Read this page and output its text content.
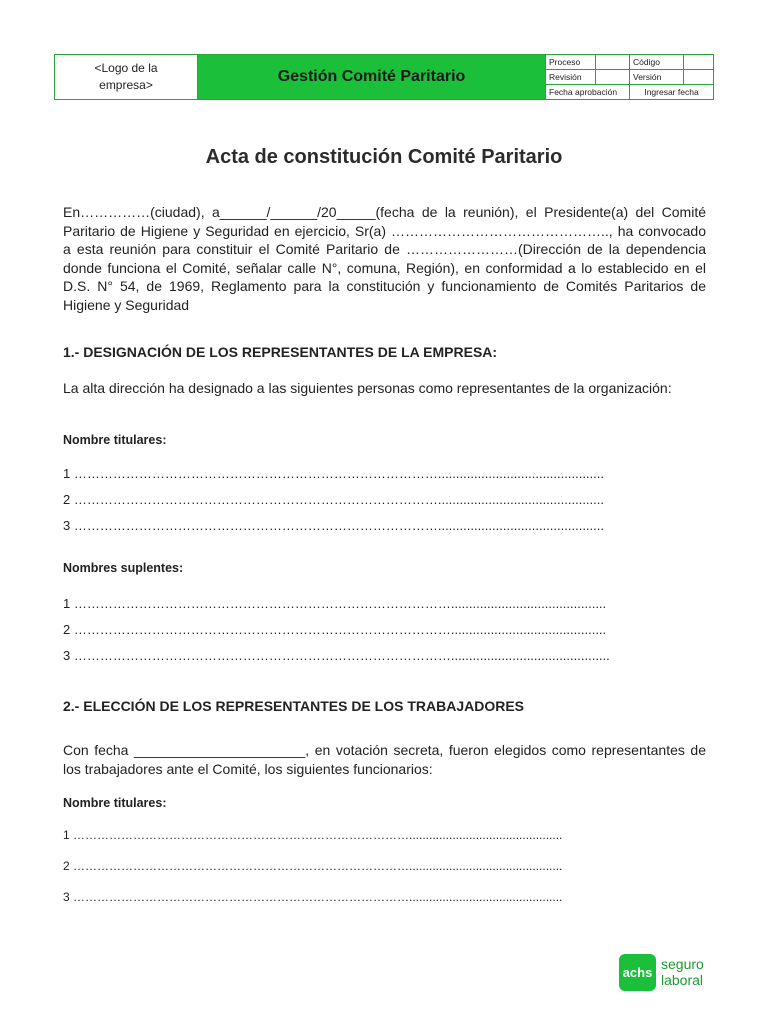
<Logo de la empresa>	Gestión Comité Paritario
Proceso	Código
Revisión	Versión
Fecha aprobación	Ingresar fecha
Acta de constitución Comité Paritario

En……………(ciudad), a______/______/20_____(fecha de la reunión), el Presidente(a) del Comité Paritario de Higiene y Seguridad en ejercicio, Sr(a) ……………………………………….., ha convocado a esta reunión para constituir el Comité Paritario de ……………………(Dirección de la dependencia donde funciona el Comité, señalar calle N°, comuna, Región), en conformidad a lo establecido en el D.S. N° 54, de 1969, Reglamento para la constitución y funcionamiento de Comités Paritarios de Higiene y Seguridad

1.- DESIGNACIÓN DE LOS REPRESENTANTES DE LA EMPRESA:

La alta dirección ha designado a las siguientes personas como representantes de la organización:

Nombre titulares:
1 …………………………………………………………………………..............................................
2 …………………………………………………………………………..............................................
3 …………………………………………………………………………..............................................
Nombres suplentes:
1 ……………………………………………………………………………...........................................
2 ……………………………………………………………………………...........................................
3 ……………………………………………………………………………............................................
2.- ELECCIÓN DE LOS REPRESENTANTES DE LOS TRABAJADORES

Con fecha ______________________, en votación secreta, fueron elegidos como representantes de los trabajadores ante el Comité, los siguientes funcionarios:

Nombre titulares:
1 …………………………………………………………………………..............................................
2 …………………………………………………………………………..............................................
3 …………………………………………………………………………..............................................
achs
seguro
laboral
